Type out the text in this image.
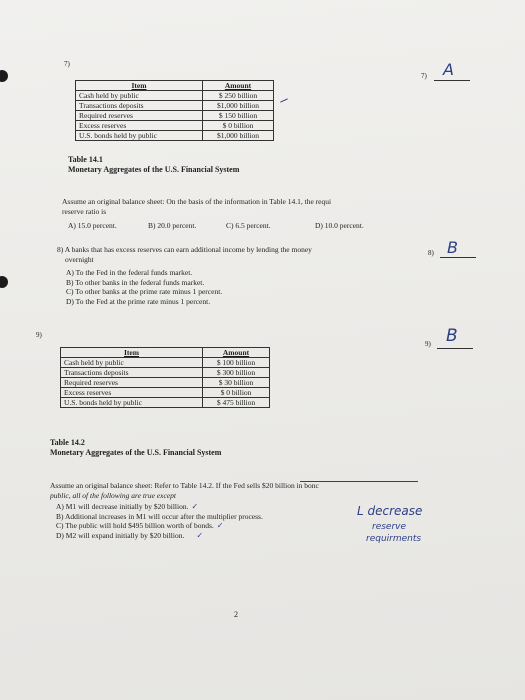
7)
7) A
Item	Amount
Cash held by public	$ 250 billion
Transactions deposits	$1,000 billion
Required reserves	$ 150 billion
Excess reserves	$ 0 billion
U.S. bonds held by public	$1,000 billion
Table 14.1
Monetary Aggregates of the U.S. Financial System
Assume an original balance sheet: On the basis of the information in Table 14.1, the requi
reserve ratio is
A) 15.0 percent.	B) 20.0 percent.	C) 6.5 percent.	D) 10.0 percent.
8) A banks that has excess reserves can earn additional income by lending the money
overnight
8) B
A) To the Fed in the federal funds market.
B) To other banks in the federal funds market.
C) To other banks at the prime rate minus 1 percent.
D) To the Fed at the prime rate minus 1 percent.
9)
9) B
Item	Amount
Cash held by public	$ 100 billion
Transactions deposits	$ 300 billion
Required reserves	$ 30 billion
Excess reserves	$ 0 billion
U.S. bonds held by public	$ 475 billion
Table 14.2
Monetary Aggregates of the U.S. Financial System
Assume an original balance sheet: Refer to Table 14.2. If the Fed sells $20 billion in bonc
public, all of the following are true except
A) M1 will decrease initially by $20 billion. ✓
B) Additional increases in M1 will occur after the multiplier process.
C) The public will hold $495 billion worth of bonds. ✓
D) M2 will expand initially by $20 billion. ✓
L decrease
reserve
requirments
2
